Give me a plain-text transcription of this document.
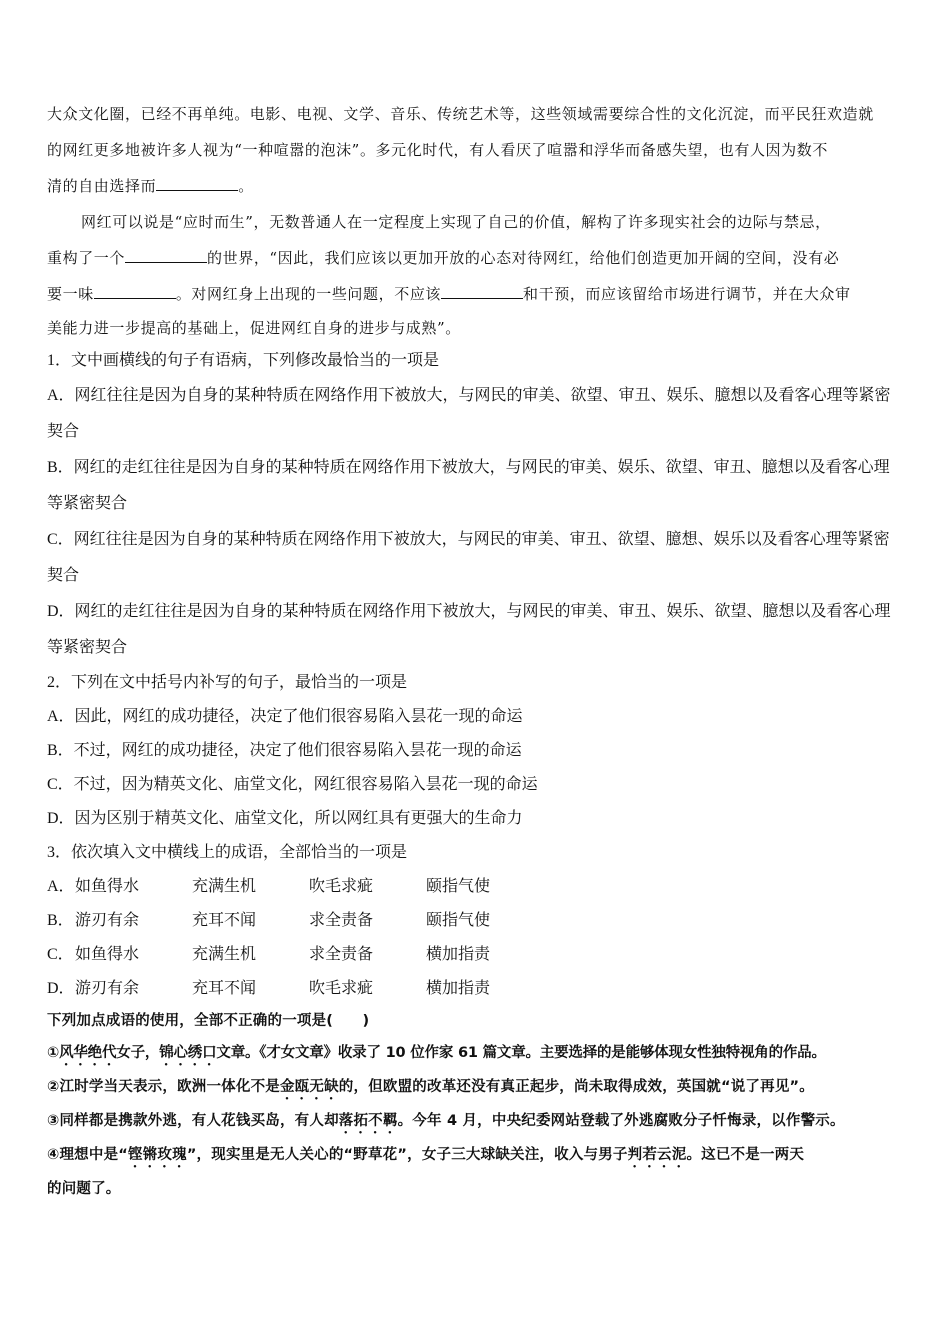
大众文化圈，已经不再单纯。电影、电视、文学、音乐、传统艺术等，这些领域需要综合性的文化沉淀，而平民狂欢造就

的网红更多地被许多人视为“一种喧嚣的泡沫”。多元化时代，有人看厌了喧嚣和浮华而备感失望，也有人因为数不

清的自由选择而	。

网红可以说是“应时而生”，无数普通人在一定程度上实现了自己的价值，解构了许多现实社会的边际与禁忌，

重构了一个	的世界，“因此，我们应该以更加开放的心态对待网红，给他们创造更加开阔的空间，没有必

要一味	。对网红身上出现的一些问题，不应该	和干预，而应该留给市场进行调节，并在大众审

美能力进一步提高的基础上，促进网红自身的进步与成熟”。

1．文中画横线的句子有语病，下列修改最恰当的一项是

A．网红往往是因为自身的某种特质在网络作用下被放大，与网民的审美、欲望、审丑、娱乐、臆想以及看客心理等紧密

契合

B．网红的走红往往是因为自身的某种特质在网络作用下被放大，与网民的审美、娱乐、欲望、审丑、臆想以及看客心理

等紧密契合

C．网红往往是因为自身的某种特质在网络作用下被放大，与网民的审美、审丑、欲望、臆想、娱乐以及看客心理等紧密

契合

D．网红的走红往往是因为自身的某种特质在网络作用下被放大，与网民的审美、审丑、娱乐、欲望、臆想以及看客心理

等紧密契合

2．下列在文中括号内补写的句子，最恰当的一项是

A．因此，网红的成功捷径，决定了他们很容易陷入昙花一现的命运

B．不过，网红的成功捷径，决定了他们很容易陷入昙花一现的命运

C．不过，因为精英文化、庙堂文化，网红很容易陷入昙花一现的命运

D．因为区别于精英文化、庙堂文化，所以网红具有更强大的生命力

3．依次填入文中横线上的成语，全部恰当的一项是

A． 如鱼得水	充满生机	吹毛求疵	颐指气使

B． 游刃有余	充耳不闻	求全责备	颐指气使

C． 如鱼得水	充满生机	求全责备	横加指责

D． 游刃有余	充耳不闻	吹毛求疵	横加指责

下列加点成语的使用，全部不正确的一项是(　　)

①风华绝代女子，锦心绣口文章。《才女文章》收录了 10 位作家 61 篇文章。主要选择的是能够体现女性独特视角的作品。

②江时学当天表示，欧洲一体化不是金瓯无缺的，但欧盟的改革还没有真正起步，尚未取得成效，英国就“说了再见”。

③同样都是携款外逃，有人花钱买岛，有人却落拓不羁。今年 4 月，中央纪委网站登载了外逃腐败分子忏悔录，以作警示。

④理想中是“铿锵玫瑰”，现实里是无人关心的“野草花”，女子三大球缺关注，收入与男子判若云泥。这已不是一两天

的问题了。
